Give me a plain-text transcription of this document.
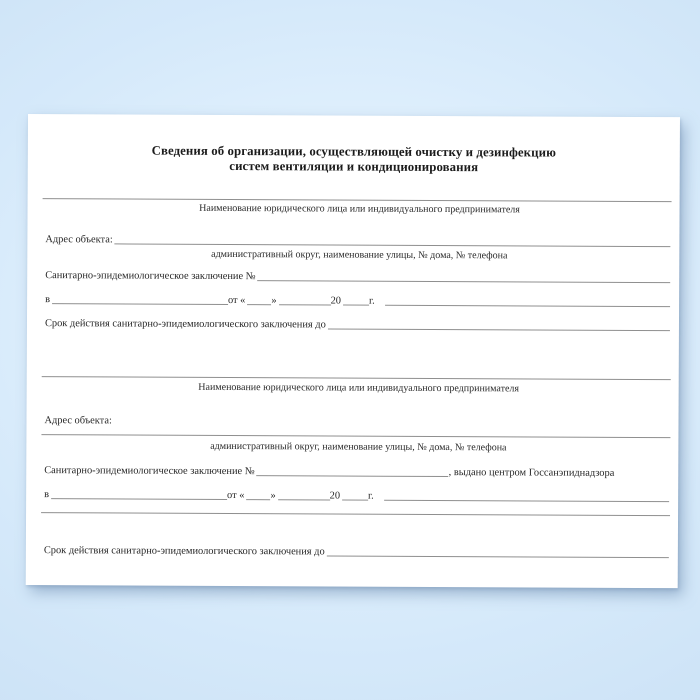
Сведения об организации, осуществляющей очистку и дезинфекцию
систем вентиляции и кондиционирования
Наименование юридического лица или индивидуального предпринимателя
Адрес объекта:
административный округ, наименование улицы, № дома, № телефона
Санитарно-эпидемиологическое заключение №
в	от « »	20	г.
Срок действия санитарно-эпидемиологического заключения до
Наименование юридического лица или индивидуального предпринимателя
Адрес объекта:
административный округ, наименование улицы, № дома, № телефона
Санитарно-эпидемиологическое заключение №	, выдано центром Госсанэпиднадзора
в	от « »	20	г.
Срок действия санитарно-эпидемиологического заключения до
